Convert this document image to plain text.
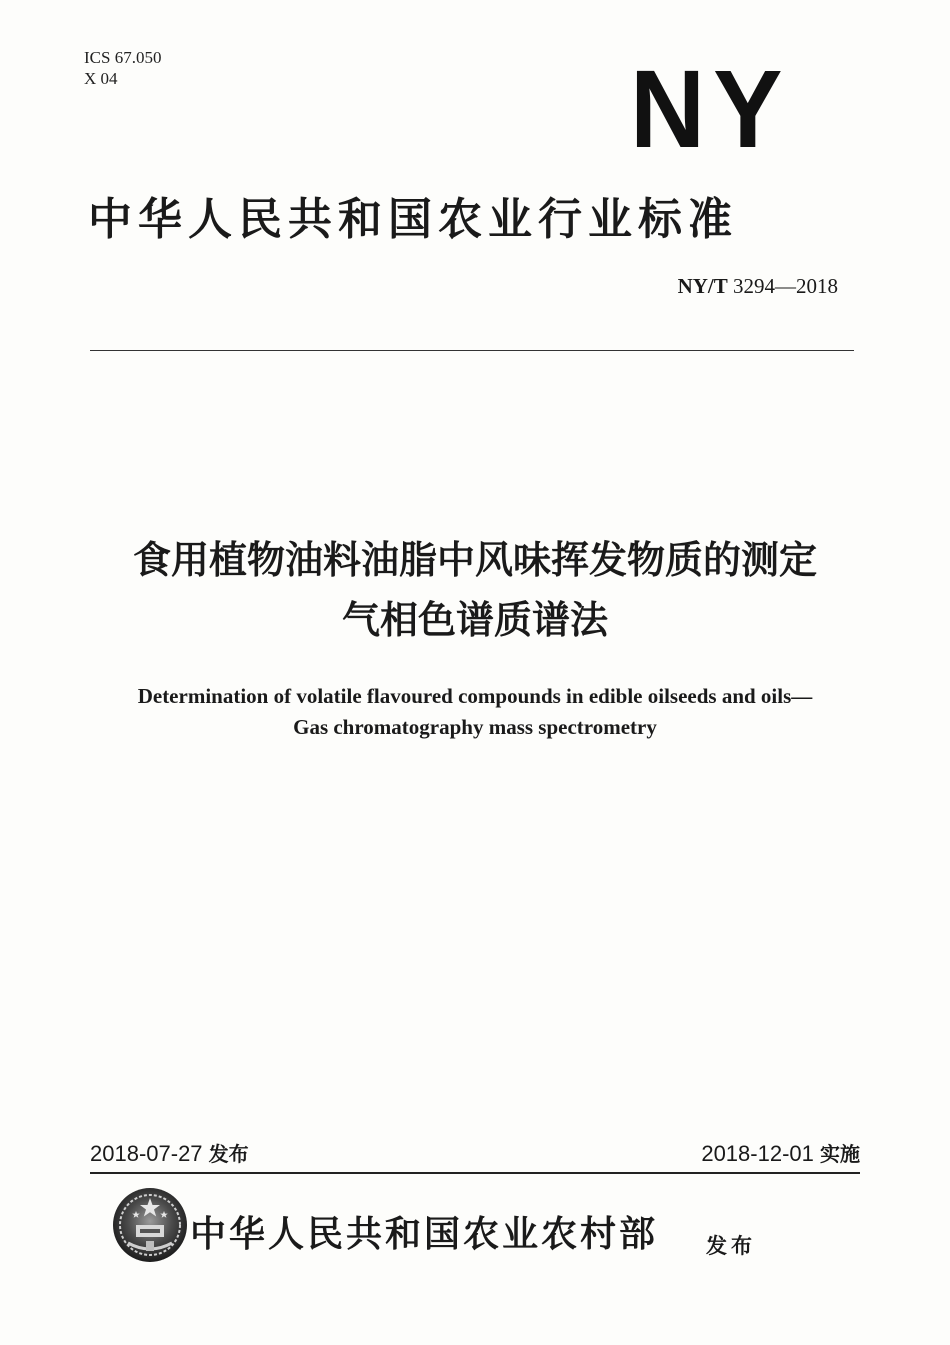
ICS 67.050
X 04	NY
中华人民共和国农业行业标准
NY/T 3294—2018
食用植物油料油脂中风味挥发物质的测定
气相色谱质谱法
Determination of volatile flavoured compounds in edible oilseeds and oils—
Gas chromatography mass spectrometry
2018-07-27 发布	2018-12-01 实施
中华人民共和国农业农村部 发布
